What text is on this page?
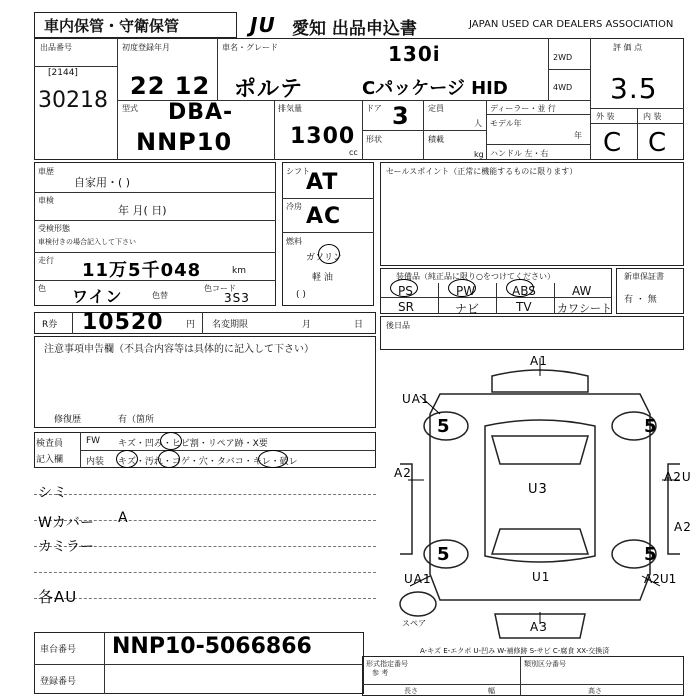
車内保管・守衛保管	JU 愛知 出品申込書	JAPAN USED CAR DEALERS ASSOCIATION
出品番号
[2144]
30218
初度登録年月
22 12
車名・グレード	130i
ポルテ	Cパッケージ HID
2WD
4WD
評 価 点
3.5
外 装	内 装
C C
型式 DBA-
NNP10
排気量
1300
cc
ドア 3
形状
定員
人
積載
kg
ディーラー・並 行
モデル年
年
ハンドル 左・右
車歴
自家用・( )
車検
年 月( 日)
受検形態
車検付きの場合記入して下さい
走行 11万5千048	km
色 ワイン	色替
色コード
3S3
シフト
AT
冷房 AC
燃料
ガソリン
軽 油
( )
セールスポイント（正常に機能するものに限ります）
装備品（純正品に限り○をつけてください）
PS	PW	ABS	AW
SR	ナビ	TV カワシート
新車保証書
有 ・ 無
R券 10520 円 名変期限	月	日	後日品
注意事項申告欄（不具合内容等は具体的に記入して下さい）
修復歴	有（箇所
検査員
記入欄
FW キズ・凹み・ヒビ割・リペア跡・X要
内装 キズ・汚れ・コゲ・穴・タバコ・キレ・破レ
シミ
Wカバー A
カミラー
各AU
A1
UA1
5	5
A2
U3
A2U
A2
5	5
UA1	U1	A2U1
A3
スペア
A-キズ E-エクボ U-凹み W-補修跡 S-サビ C-腐食 XX-交換済
車台番号 NNP10-5066866
登録番号
形式指定番号
参 考
類別区分番号
長さ	幅	高さ
